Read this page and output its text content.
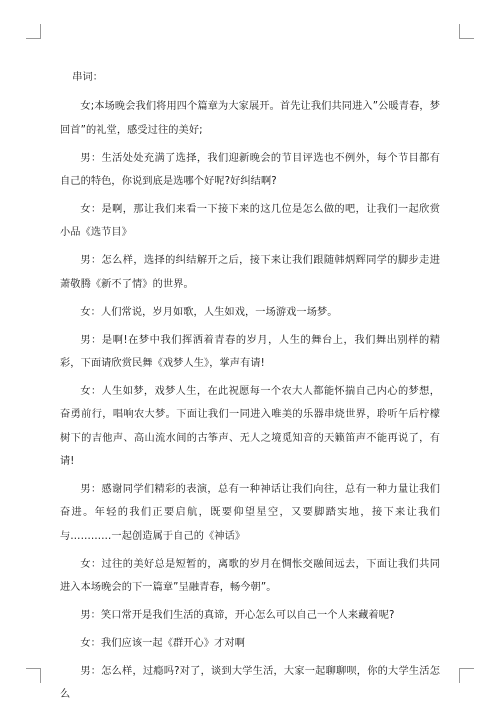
串词：

女;本场晚会我们将用四个篇章为大家展开。首先让我们共同进入”公暖青春，梦回首”的礼堂，感受过往的美好;

男：生活处处充满了选择，我们迎新晚会的节目评选也不例外，每个节目都有自己的特色，你说到底是选哪个好呢?好纠结啊?

女：是啊，那让我们来看一下接下来的这几位是怎么做的吧，让我们一起欣赏小品《选节目》

男：怎么样，选择的纠结解开之后，接下来让我们跟随韩炳辉同学的脚步走进萧敬腾《新不了情》的世界。

女：人们常说，岁月如歌，人生如戏，一场游戏一场梦。

男：是啊!在梦中我们挥洒着青春的岁月，人生的舞台上，我们舞出别样的精彩，下面请欣赏民舞《戏梦人生》，掌声有请!

女：人生如梦，戏梦人生，在此祝愿每一个农大人都能怀揣自己内心的梦想，奋勇前行，唱响农大梦。下面让我们一同进入唯美的乐器串烧世界，聆听午后柠檬树下的吉他声、高山流水间的古筝声、无人之境觅知音的天籁笛声不能再说了，有请!

男：感谢同学们精彩的表演，总有一种神话让我们向往，总有一种力量让我们奋进。年轻的我们正要启航，既要仰望星空，又要脚踏实地，接下来让我们与…………一起创造属于自己的《神话》

女：过往的美好总是短暂的，离歌的岁月在惆怅交融间远去，下面让我们共同进入本场晚会的下一篇章”呈融青春，畅今朝”。

男：笑口常开是我们生活的真谛，开心怎么可以自己一个人来藏着呢?

女：我们应该一起《群开心》才对啊

男：怎么样，过瘾吗?对了，谈到大学生活，大家一起聊聊呗，你的大学生活怎么
